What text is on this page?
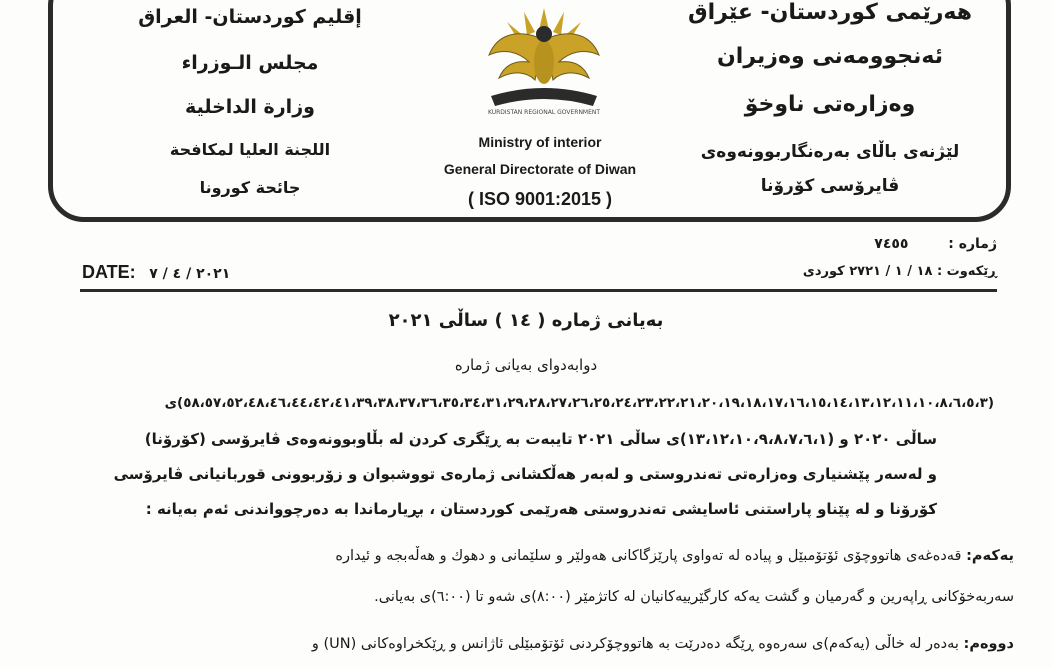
هەرێمی کوردستان- عێراق
ئەنجوومەنی وەزیران
وەزارەتی ناوخۆ
لێژنەی باڵای بەرەنگاربوونەوەی
ڤایرۆسی کۆرۆنا
إقليم كوردستان- العراق
مجلس الـوزراء
وزارة الداخلية
اللجنة العليا لمكافحة
جائحة كورونا
KURDISTAN REGIONAL GOVERNMENT
Ministry of interior
General Directorate of Diwan
( ISO 9001:2015 )
ژمارە :  ٧٤٥٥
ڕێکەوت : ١٨ / ١ / ٢٧٢١ کوردی
DATE: ٢٠٢١ / ٤ / ٧
بەیانی ژمارە ( ١٤ ) ساڵی ٢٠٢١
دوابەدوای بەیانی ژمارە
(٥٨،٥٧،٥٢،٤٨،٤٦،٤٤،٤٢،٤١،٣٩،٣٨،٣٧،٣٦،٣٥،٣٤،٣١،٢٩،٢٨،٢٧،٢٦،٢٥،٢٤،٢٣،٢٢،٢١،٢٠،١٩،١٨،١٧،١٦،١٥،١٤،١٣،١٢،١١،١٠،٨،٦،٥،٣)ی
ساڵی ٢٠٢٠ و (١٣،١٢،١٠،٩،٨،٧،٦،١)ی ساڵی ٢٠٢١ تایبەت بە ڕێگری کردن لە بڵاوبوونەوەی ڤایرۆسی (کۆرۆنا)
و لەسەر پێشنیاری وەزارەتی تەندروستی و لەبەر هەڵکشانی ژمارەی تووشبوان و زۆربوونی قوربانیانی ڤایرۆسی
کۆرۆنا و لە پێناو پاراستنی ئاسایشی تەندروستی هەرێمی کوردستان ، بڕیارماندا بە دەرچوواندنی ئەم بەیانە :
یەکەم: قەدەغەی هاتووچۆی ئۆتۆمبێل و پیادە لە تەواوی پارێزگاکانی هەولێر و سلێمانی و دهوك و هەڵەبجە و ئیدارە
سەربەخۆکانی ڕاپەرین و گەرمیان و گشت یەکە کارگێرییەکانیان لە کاتژمێر (٨:٠٠)ی شەو تا (٦:٠٠)ی بەیانی.
دووەم: بەدەر لە خاڵی (یەکەم)ی سەرەوە ڕێگە دەدرێت بە هاتووچۆکردنی ئۆتۆمبێلی ئاژانس و ڕێکخراوەکانی (UN) و
